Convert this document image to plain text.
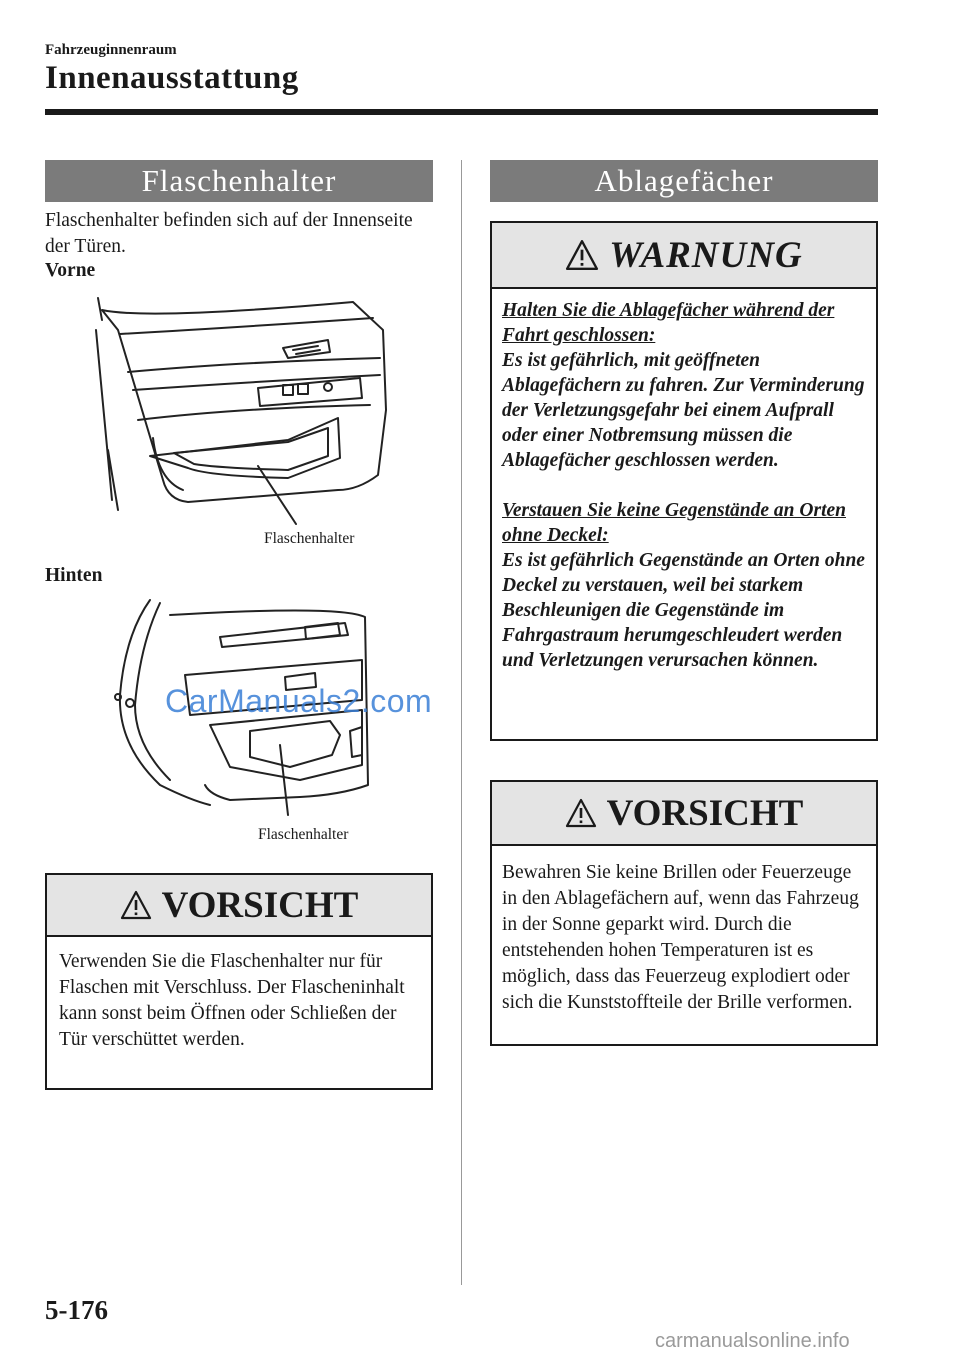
Fahrzeuginnenraum
Innenausstattung
Flaschenhalter
Flaschenhalter befinden sich auf der Innenseite der Türen.
Vorne
Flaschenhalter
Hinten
Flaschenhalter
VORSICHT
Verwenden Sie die Flaschenhalter nur für Flaschen mit Verschluss. Der Flascheninhalt kann sonst beim Öffnen oder Schließen der Tür verschüttet werden.
Ablagefächer
WARNUNG
Halten Sie die Ablagefächer während der Fahrt geschlossen:
Es ist gefährlich, mit geöffneten Ablagefächern zu fahren. Zur Verminderung der Verletzungsgefahr bei einem Aufprall oder einer Notbremsung müssen die Ablagefächer geschlossen werden.
Verstauen Sie keine Gegenstände an Orten ohne Deckel:
Es ist gefährlich Gegenstände an Orten ohne Deckel zu verstauen, weil bei starkem Beschleunigen die Gegenstände im Fahrgastraum herumgeschleudert werden und Verletzungen verursachen können.
VORSICHT
Bewahren Sie keine Brillen oder Feuerzeuge in den Ablagefächern auf, wenn das Fahrzeug in der Sonne geparkt wird. Durch die entstehenden hohen Temperaturen ist es möglich, dass das Feuerzeug explodiert oder sich die Kunststoffteile der Brille verformen.
5-176
CarManuals2.com
carmanualsonline.info
